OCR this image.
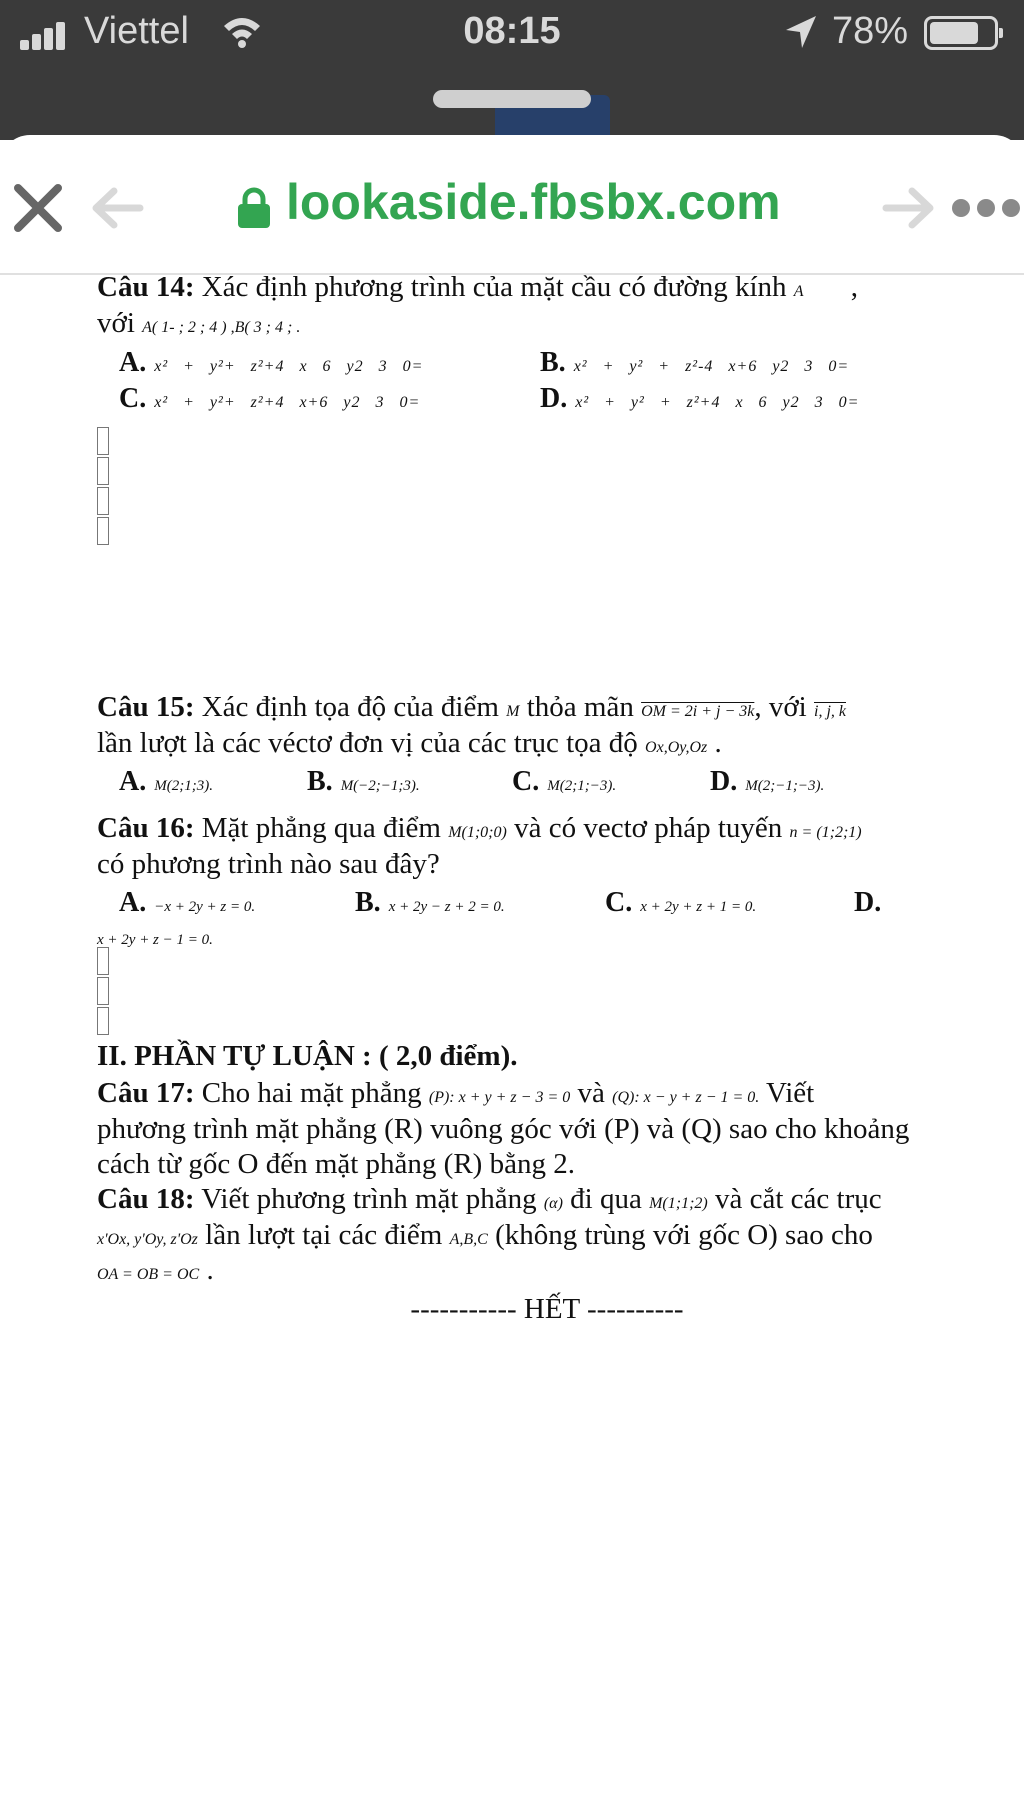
Viettel	08:15	78%
lookaside.fbsbx.com
Câu 14: Xác định phương trình của mặt cầu có đường kính A ,
với A( 1- ; 2 ; 4 ) ,B( 3 ; 4 ; .
A. x² + y²+ z²+4 x 6 y2 3 0=	B. x² + y² + z²-4 x+6 y2 3 0=
C. x² + y²+ z²+4 x+6 y2 3 0=	D. x² + y² + z²+4 x 6 y2 3 0=
Câu 15: Xác định tọa độ của điểm M thỏa mãn OM = 2i + j − 3k, với i, j, k
lần lượt là các véctơ đơn vị của các trục tọa độ Ox,Oy,Oz .
A. M(2;1;3).	B. M(−2;−1;3).	C. M(2;1;−3).	D. M(2;−1;−3).
Câu 16: Mặt phẳng qua điểm M(1;0;0) và có vectơ pháp tuyến n = (1;2;1)
có phương trình nào sau đây?
A. −x + 2y + z = 0.	B. x + 2y − z + 2 = 0.	C. x + 2y + z + 1 = 0.	D.
x + 2y + z − 1 = 0.
II. PHẦN TỰ LUẬN : ( 2,0 điểm).
Câu 17: Cho hai mặt phẳng (P): x + y + z − 3 = 0 và (Q): x − y + z − 1 = 0. Viết
phương trình mặt phẳng (R) vuông góc với (P) và (Q) sao cho khoảng
cách từ gốc O đến mặt phẳng (R) bằng 2.
Câu 18: Viết phương trình mặt phẳng (α) đi qua M(1;1;2) và cắt các trục
x'Ox, y'Oy, z'Oz lần lượt tại các điểm A,B,C (không trùng với gốc O) sao cho
OA = OB = OC .
----------- HẾT ----------
